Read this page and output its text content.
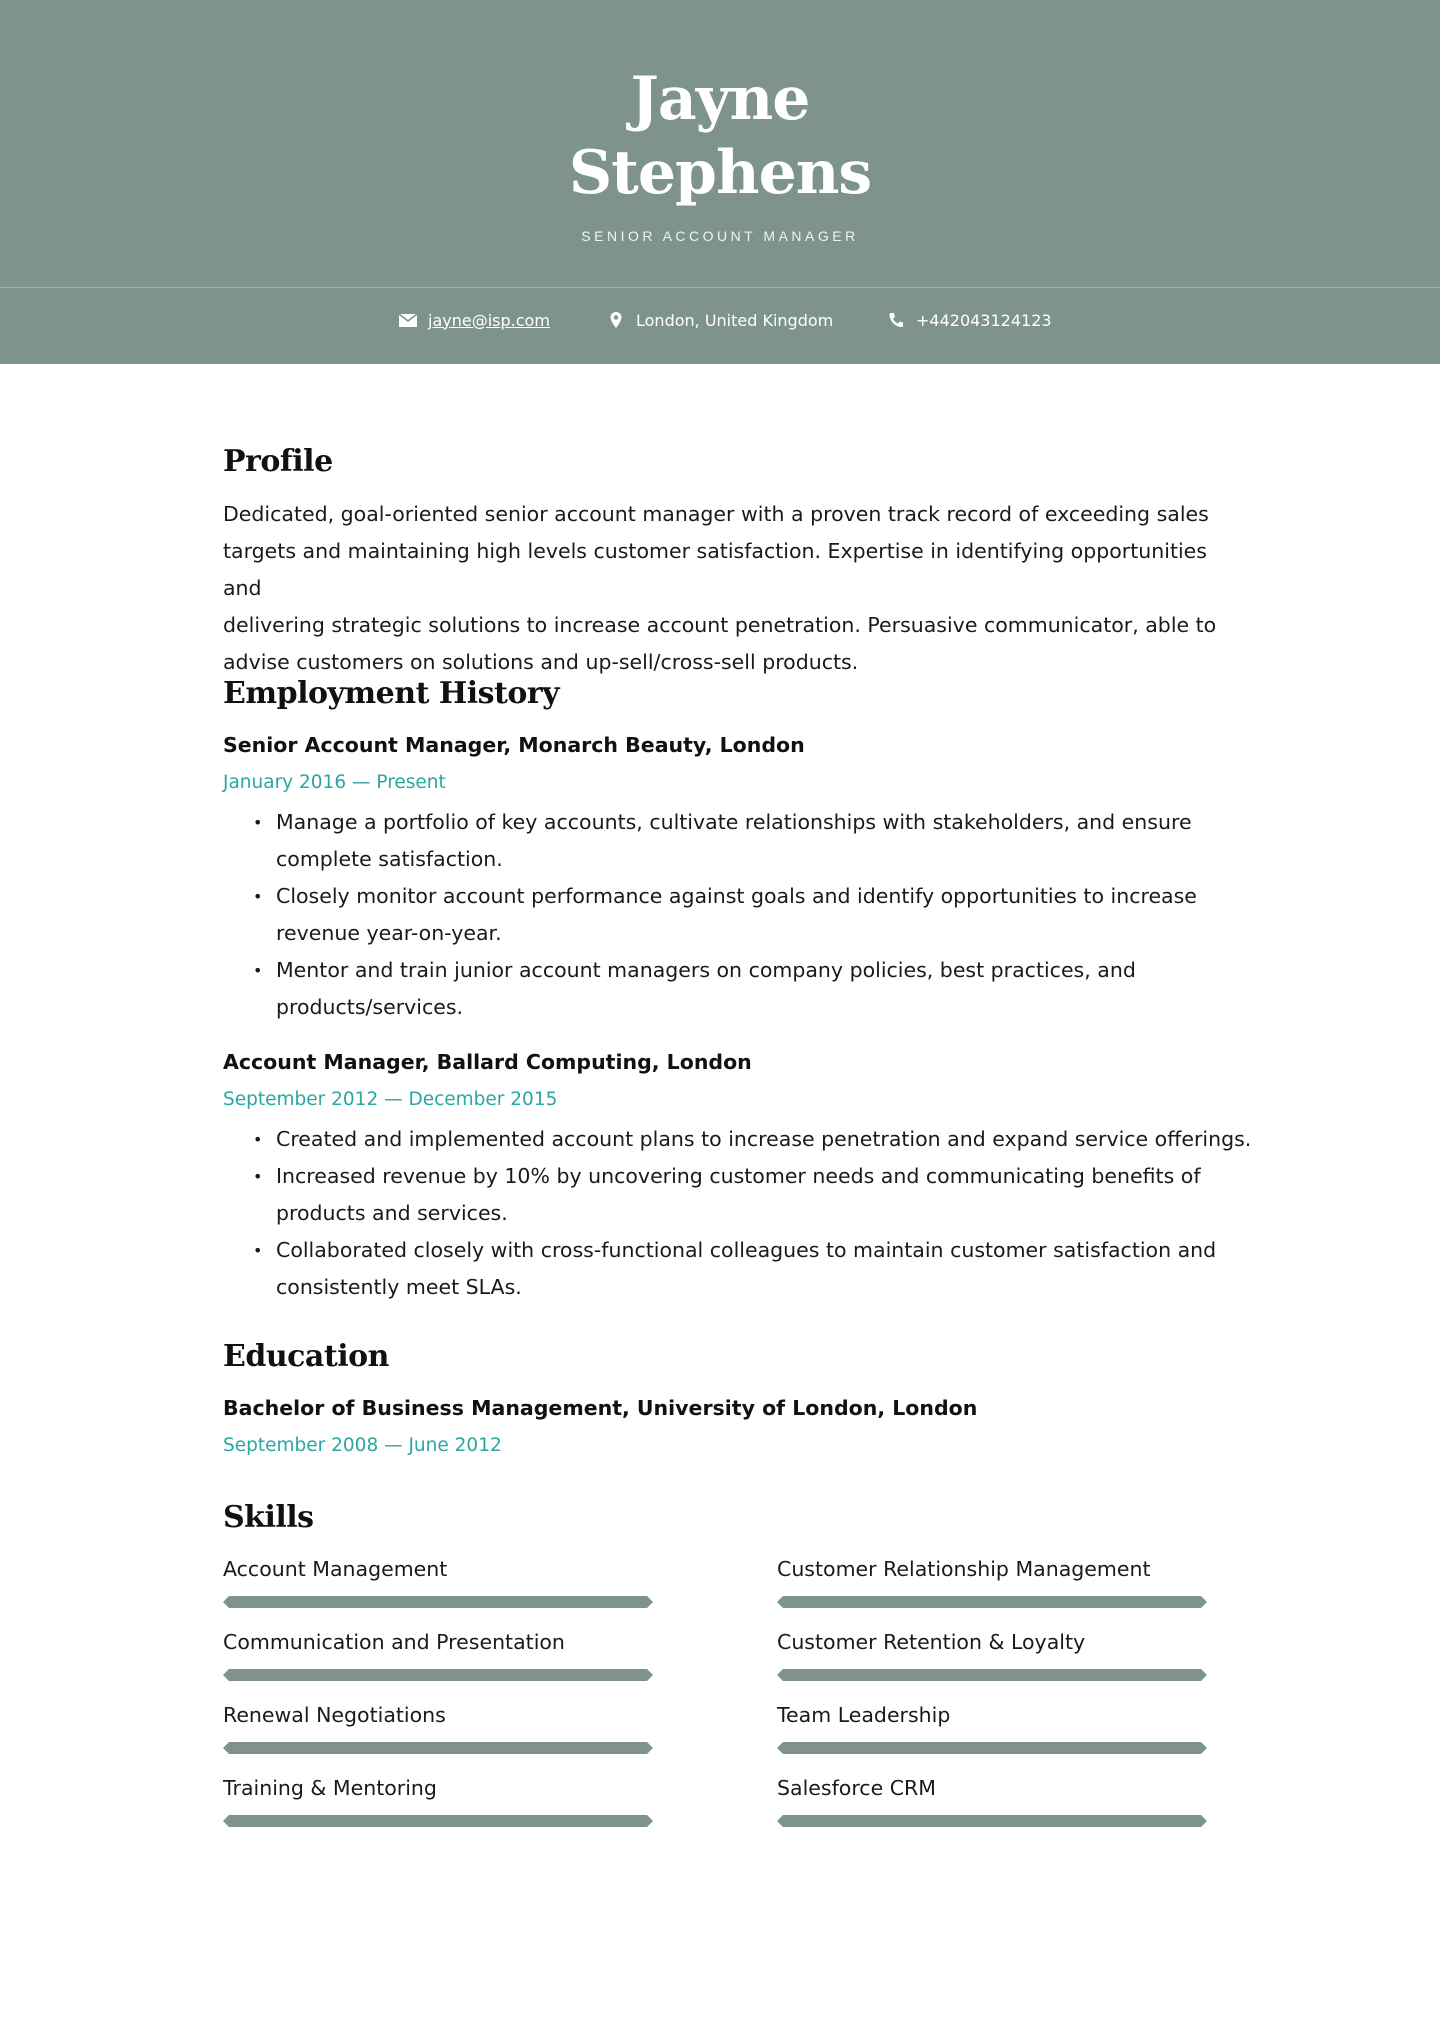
Jayne
Stephens
SENIOR ACCOUNT MANAGER
jayne@isp.com	London, United Kingdom	+442043124123
Profile

Dedicated, goal-oriented senior account manager with a proven track record of exceeding sales
targets and maintaining high levels customer satisfaction. Expertise in identifying opportunities and
delivering strategic solutions to increase account penetration. Persuasive communicator, able to
advise customers on solutions and up-sell/cross-sell products.

Employment History
Senior Account Manager, Monarch Beauty, London
January 2016 — Present
• Manage a portfolio of key accounts, cultivate relationships with stakeholders, and ensure
complete satisfaction.
• Closely monitor account performance against goals and identify opportunities to increase
revenue year-on-year.
• Mentor and train junior account managers on company policies, best practices, and
products/services.
Account Manager, Ballard Computing, London
September 2012 — December 2015
• Created and implemented account plans to increase penetration and expand service offerings.
• Increased revenue by 10% by uncovering customer needs and communicating benefits of
products and services.
• Collaborated closely with cross-functional colleagues to maintain customer satisfaction and
consistently meet SLAs.
Education
Bachelor of Business Management, University of London, London
September 2008 — June 2012
Skills
Account Management	Customer Relationship Management
Communication and Presentation	Customer Retention & Loyalty
Renewal Negotiations	Team Leadership
Training & Mentoring	Salesforce CRM
